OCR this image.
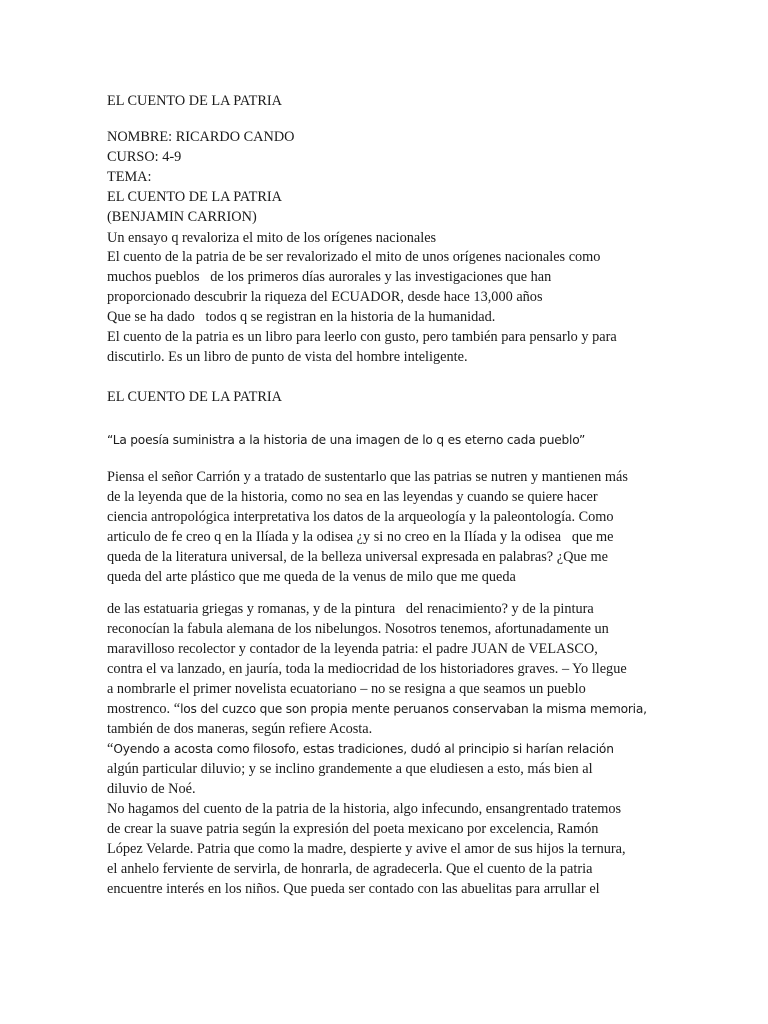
EL CUENTO DE LA PATRIA
NOMBRE: RICARDO CANDO
CURSO: 4-9
TEMA:
EL CUENTO DE LA PATRIA
(BENJAMIN CARRION)
Un ensayo q revaloriza el mito de los orígenes nacionales
El cuento de la patria de be ser revalorizado el mito de unos orígenes nacionales como
muchos pueblos   de los primeros días aurorales y las investigaciones que han
proporcionado descubrir la riqueza del ECUADOR, desde hace 13,000 años
Que se ha dado   todos q se registran en la historia de la humanidad.
El cuento de la patria es un libro para leerlo con gusto, pero también para pensarlo y para
discutirlo. Es un libro de punto de vista del hombre inteligente.
EL CUENTO DE LA PATRIA
“La poesía suministra a la historia de una imagen de lo q es eterno cada pueblo”
Piensa el señor Carrión y a tratado de sustentarlo que las patrias se nutren y mantienen más
de la leyenda que de la historia, como no sea en las leyendas y cuando se quiere hacer
ciencia antropológica interpretativa los datos de la arqueología y la paleontología. Como
articulo de fe creo q en la Ilíada y la odisea ¿y si no creo en la Ilíada y la odisea   que me
queda de la literatura universal, de la belleza universal expresada en palabras? ¿Que me
queda del arte plástico que me queda de la venus de milo que me queda
de las estatuaria griegas y romanas, y de la pintura   del renacimiento? y de la pintura
reconocían la fabula alemana de los nibelungos. Nosotros tenemos, afortunadamente un
maravilloso recolector y contador de la leyenda patria: el padre JUAN de VELASCO,
contra el va lanzado, en jauría, toda la mediocridad de los historiadores graves. – Yo llegue
a nombrarle el primer novelista ecuatoriano – no se resigna a que seamos un pueblo
mostrenco. “los del cuzco que son propia mente peruanos conservaban la misma memoria,
también de dos maneras, según refiere Acosta.
“Oyendo a acosta como filosofo, estas tradiciones, dudó al principio si harían relación
algún particular diluvio; y se inclino grandemente a que eludiesen a esto, más bien al
diluvio de Noé.
No hagamos del cuento de la patria de la historia, algo infecundo, ensangrentado tratemos
de crear la suave patria según la expresión del poeta mexicano por excelencia, Ramón
López Velarde. Patria que como la madre, despierte y avive el amor de sus hijos la ternura,
el anhelo ferviente de servirla, de honrarla, de agradecerla. Que el cuento de la patria
encuentre interés en los niños. Que pueda ser contado con las abuelitas para arrullar el
